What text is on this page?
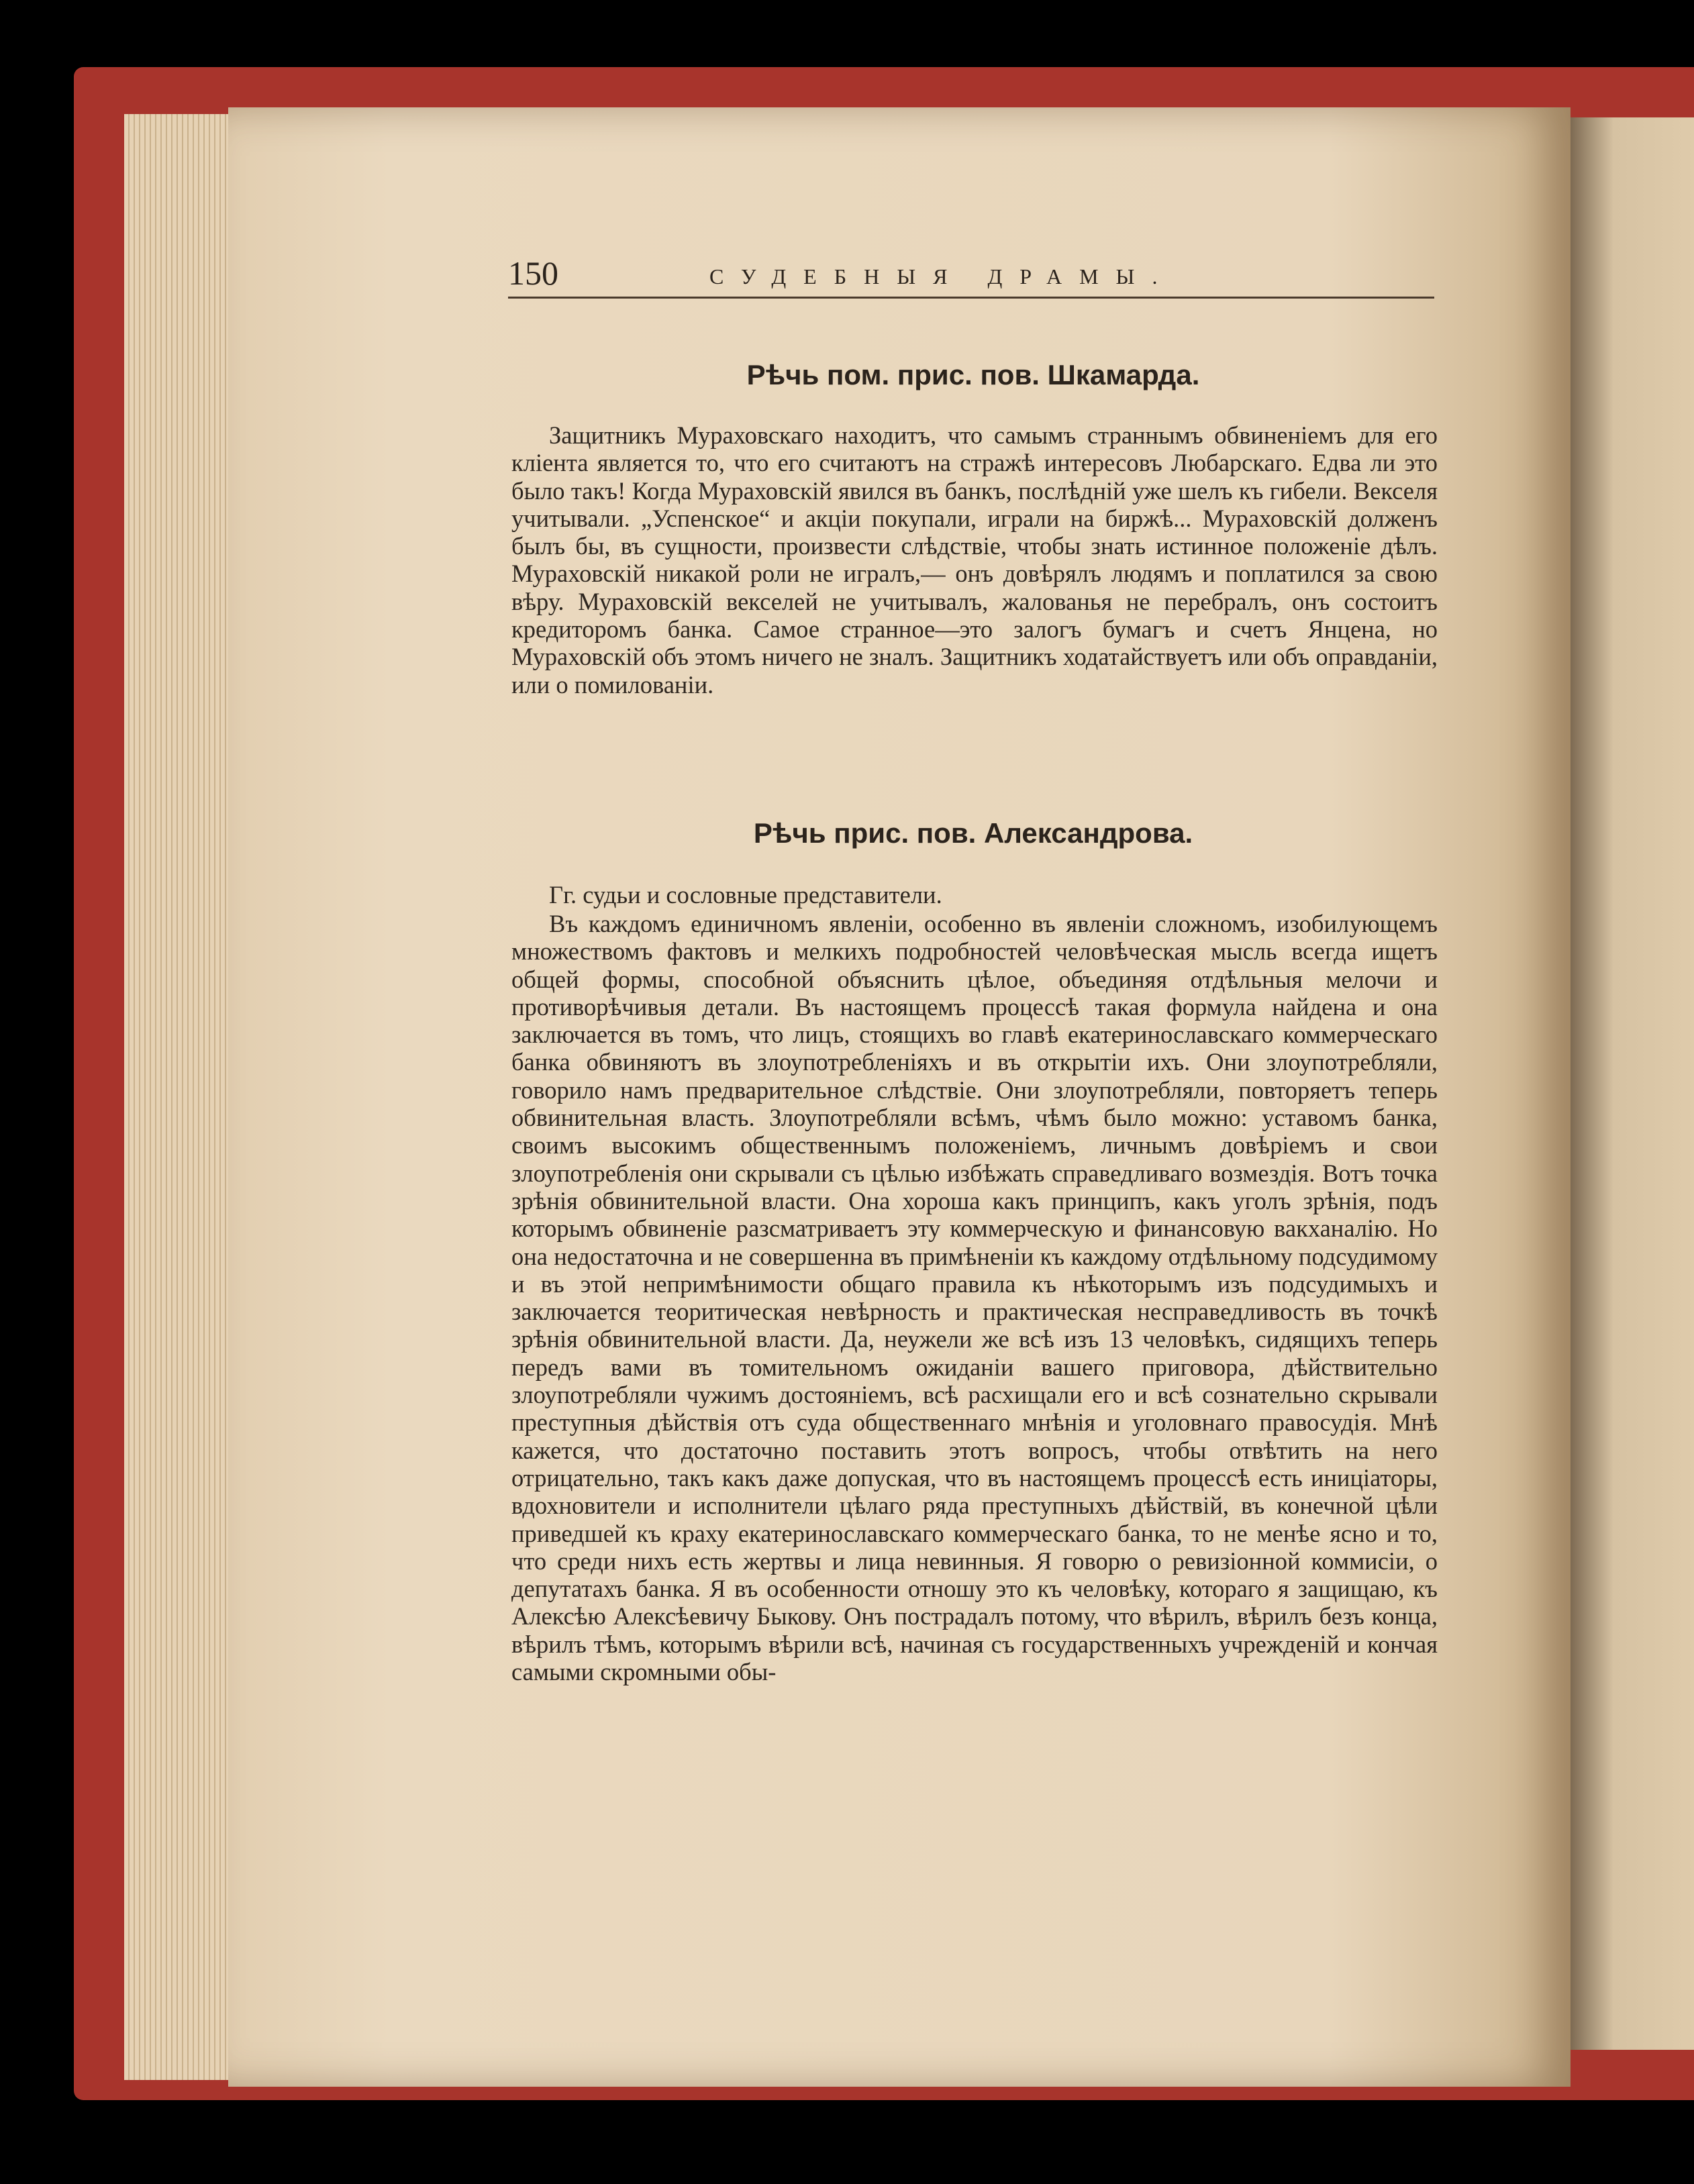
150	СУДЕБНЫЯ ДРАМЫ.
Рѣчь пом. прис. пов. Шкамарда.

Защитникъ Мураховскаго находитъ, что самымъ страннымъ обвиненіемъ для его кліента является то, что его считаютъ на стражѣ интересовъ Любарскаго. Едва ли это было такъ! Когда Мураховскій явился въ банкъ, послѣдній уже шелъ къ гибели. Векселя учитывали. „Успенское“ и акціи покупали, играли на биржѣ... Мураховскій долженъ былъ бы, въ сущности, произвести слѣдствіе, чтобы знать истинное положеніе дѣлъ. Мураховскій никакой роли не игралъ,— онъ довѣрялъ людямъ и поплатился за свою вѣру. Мураховскій векселей не учитывалъ, жалованья не перебралъ, онъ состоитъ кредиторомъ банка. Самое странное—это залогъ бумагъ и счетъ Янцена, но Мураховскій объ этомъ ничего не зналъ. Защитникъ ходатайствуетъ или объ оправданіи, или о помилованіи.

Рѣчь прис. пов. Александрова.

Гг. судьи и сословные представители.

Въ каждомъ единичномъ явленіи, особенно въ явленіи сложномъ, изобилующемъ множествомъ фактовъ и мелкихъ подробностей человѣческая мысль всегда ищетъ общей формы, способной объяснить цѣлое, объединяя отдѣльныя мелочи и противорѣчивыя детали. Въ настоящемъ процессѣ такая формула найдена и она заключается въ томъ, что лицъ, стоящихъ во главѣ екатеринославскаго коммерческаго банка обвиняютъ въ злоупотребленіяхъ и въ открытіи ихъ. Они злоупотребляли, говорило намъ предварительное слѣдствіе. Они злоупотребляли, повторяетъ теперь обвинительная власть. Злоупотребляли всѣмъ, чѣмъ было можно: уставомъ банка, своимъ высокимъ общественнымъ положеніемъ, личнымъ довѣріемъ и свои злоупотребленія они скрывали съ цѣлью избѣжать справедливаго возмездія. Вотъ точка зрѣнія обвинительной власти. Она хороша какъ принципъ, какъ уголъ зрѣнія, подъ которымъ обвиненіе разсматриваетъ эту коммерческую и финансовую вакханалію. Но она недостаточна и не совершенна въ примѣненіи къ каждому отдѣльному подсудимому и въ этой непримѣнимости общаго правила къ нѣкоторымъ изъ подсудимыхъ и заключается теоритическая невѣрность и практическая несправедливость въ точкѣ зрѣнія обвинительной власти. Да, неужели же всѣ изъ 13 человѣкъ, сидящихъ теперь передъ вами въ томительномъ ожиданіи вашего приговора, дѣйствительно злоупотребляли чужимъ достояніемъ, всѣ расхищали его и всѣ сознательно скрывали преступныя дѣйствія отъ суда общественнаго мнѣнія и уголовнаго правосудія. Мнѣ кажется, что достаточно поставить этотъ вопросъ, чтобы отвѣтить на него отрицательно, такъ какъ даже допуская, что въ настоящемъ процессѣ есть иниціаторы, вдохновители и исполнители цѣлаго ряда преступныхъ дѣйствій, въ конечной цѣли приведшей къ краху екатеринославскаго коммерческаго банка, то не менѣе ясно и то, что среди нихъ есть жертвы и лица невинныя. Я говорю о ревизіонной коммисіи, о депутатахъ банка. Я въ особенности отношу это къ человѣку, котораго я защищаю, къ Алексѣю Алексѣевичу Быкову. Онъ пострадалъ потому, что вѣрилъ, вѣрилъ безъ конца, вѣрилъ тѣмъ, которымъ вѣрили всѣ, начиная съ государственныхъ учрежденій и кончая самыми скромными обы-
